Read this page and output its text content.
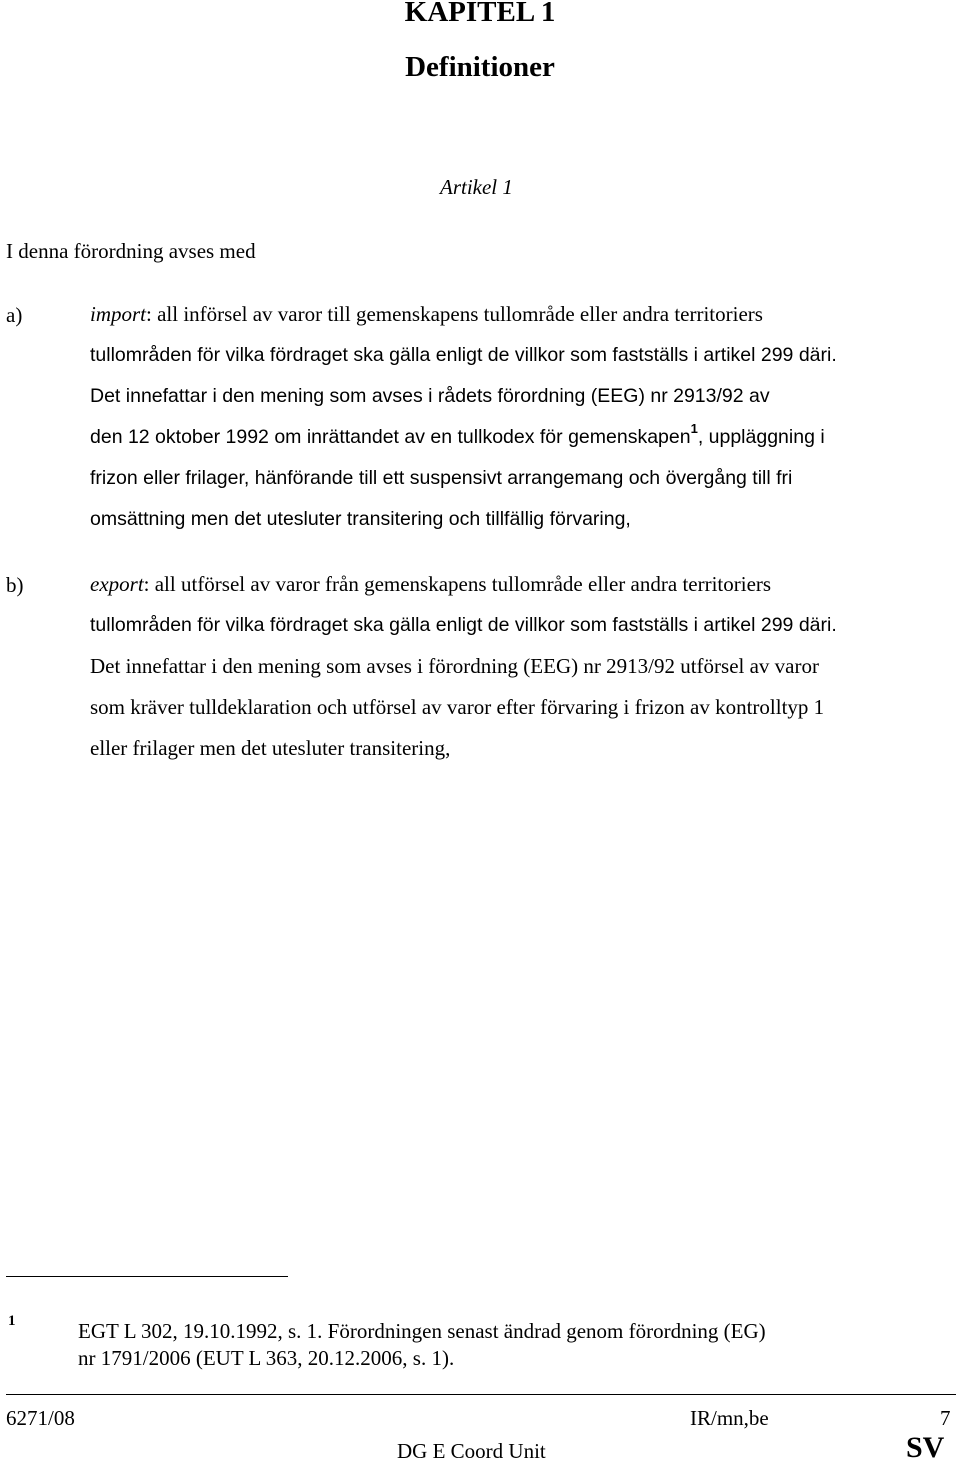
KAPITEL 1
Definitioner
Artikel 1
I denna förordning avses med
a)	import: all införsel av varor till gemenskapens tullområde eller andra territoriers
tullområden för vilka fördraget ska gälla enligt de villkor som fastställs i artikel 299 däri.
Det innefattar i den mening som avses i rådets förordning (EEG) nr 2913/92 av
den 12 oktober 1992 om inrättandet av en tullkodex för gemenskapen$^1$, uppläggning i
frizon eller frilager, hänförande till ett suspensivt arrangemang och övergång till fri
omsättning men det utesluter transitering och tillfällig förvaring,
b)	export: all utförsel av varor från gemenskapens tullområde eller andra territoriers
tullområden för vilka fördraget ska gälla enligt de villkor som fastställs i artikel 299 däri.
Det innefattar i den mening som avses i förordning (EEG) nr 2913/92 utförsel av varor
som kräver tulldeklaration och utförsel av varor efter förvaring i frizon av kontrolltyp 1
eller frilager men det utesluter transitering,
1	EGT L 302, 19.10.1992, s. 1. Förordningen senast ändrad genom förordning (EG)
nr 1791/2006 (EUT L 363, 20.12.2006, s. 1).
6271/08	IR/mn,be	7
DG E Coord Unit	SV
